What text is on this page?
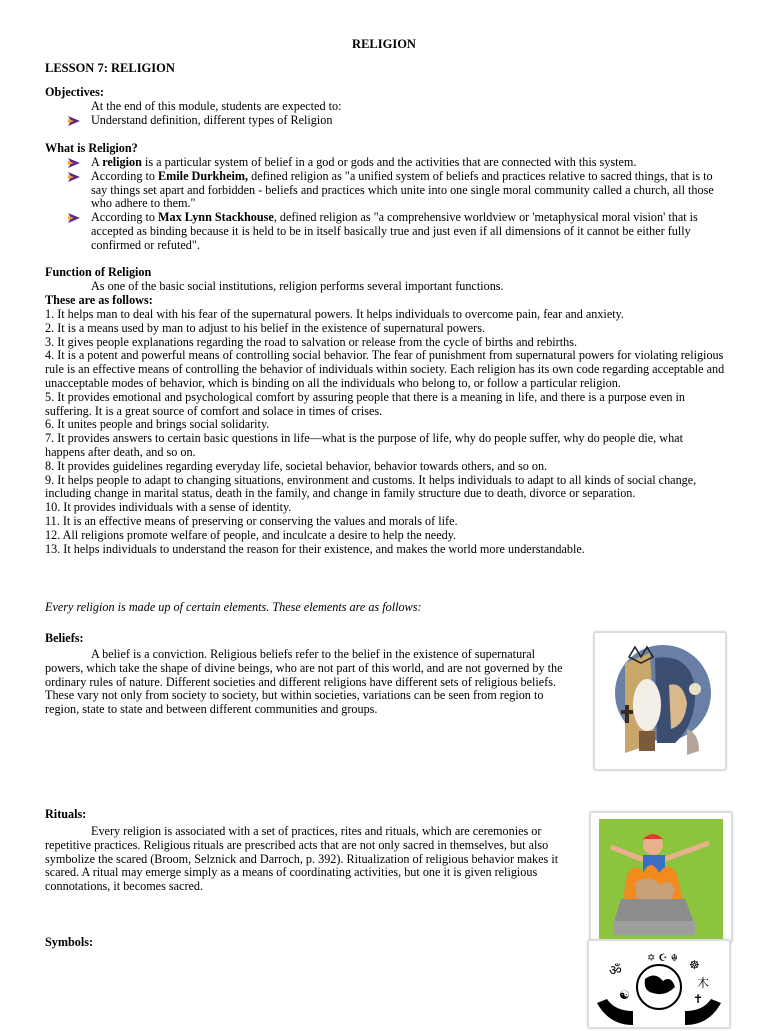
RELIGION
LESSON 7: RELIGION
Objectives:
At the end of this module, students are expected to:
Understand definition, different types of Religion
What is Religion?
A religion is a particular system of belief in a god or gods and the activities that are connected with this system.
According to Emile Durkheim, defined religion as "a unified system of beliefs and practices relative to sacred things, that is to say things set apart and forbidden - beliefs and practices which unite into one single moral community called a church, all those who adhere to them."
According to Max Lynn Stackhouse, defined religion as "a comprehensive worldview or 'metaphysical moral vision' that is accepted as binding because it is held to be in itself basically true and just even if all dimensions of it cannot be either fully confirmed or refuted".
Function of Religion
As one of the basic social institutions, religion performs several important functions.
These are as follows:
1. It helps man to deal with his fear of the supernatural powers. It helps individuals to overcome pain, fear and anxiety.
2. It is a means used by man to adjust to his belief in the existence of supernatural powers.
3. It gives people explanations regarding the road to salvation or release from the cycle of births and rebirths.
4. It is a potent and powerful means of controlling social behavior. The fear of punishment from supernatural powers for violating religious rule is an effective means of controlling the behavior of individuals within society. Each religion has its own code regarding acceptable and unacceptable modes of behavior, which is binding on all the individuals who belong to, or follow a particular religion.
5. It provides emotional and psychological comfort by assuring people that there is a meaning in life, and there is a purpose even in suffering. It is a great source of comfort and solace in times of crises.
6. It unites people and brings social solidarity.
7. It provides answers to certain basic questions in life—what is the purpose of life, why do people suffer, why do people die, what happens after death, and so on.
8. It provides guidelines regarding everyday life, societal behavior, behavior towards others, and so on.
9. It helps people to adapt to changing situations, environment and customs. It helps individuals to adapt to all kinds of social change, including change in marital status, death in the family, and change in family structure due to death, divorce or separation.
10. It provides individuals with a sense of identity.
11. It is an effective means of preserving or conserving the values and morals of life.
12. All religions promote welfare of people, and inculcate a desire to help the needy.
13. It helps individuals to understand the reason for their existence, and makes the world more understandable.
Every religion is made up of certain elements. These elements are as follows:
Beliefs:
A belief is a conviction. Religious beliefs refer to the belief in the existence of supernatural powers, which take the shape of divine beings, who are not part of this world, and are not governed by the ordinary rules of nature. Different societies and different religions have different sets of religious beliefs. These vary not only from society to society, but within societies, variations can be seen from region to region, state to state and between different communities and groups.
Rituals:
Every religion is associated with a set of practices, rites and rituals, which are ceremonies or repetitive practices. Religious rituals are prescribed acts that are not only sacred in themselves, but also symbolize the scared (Broom, Selznick and Darroch, p. 392). Ritualization of religious behavior makes it scared. A ritual may emerge simply as a means of coordinating activities, but one it is given religious connotations, it becomes sacred.
Symbols:
ॐ	☸
木
☯	✝
✡ ☪ ☬
